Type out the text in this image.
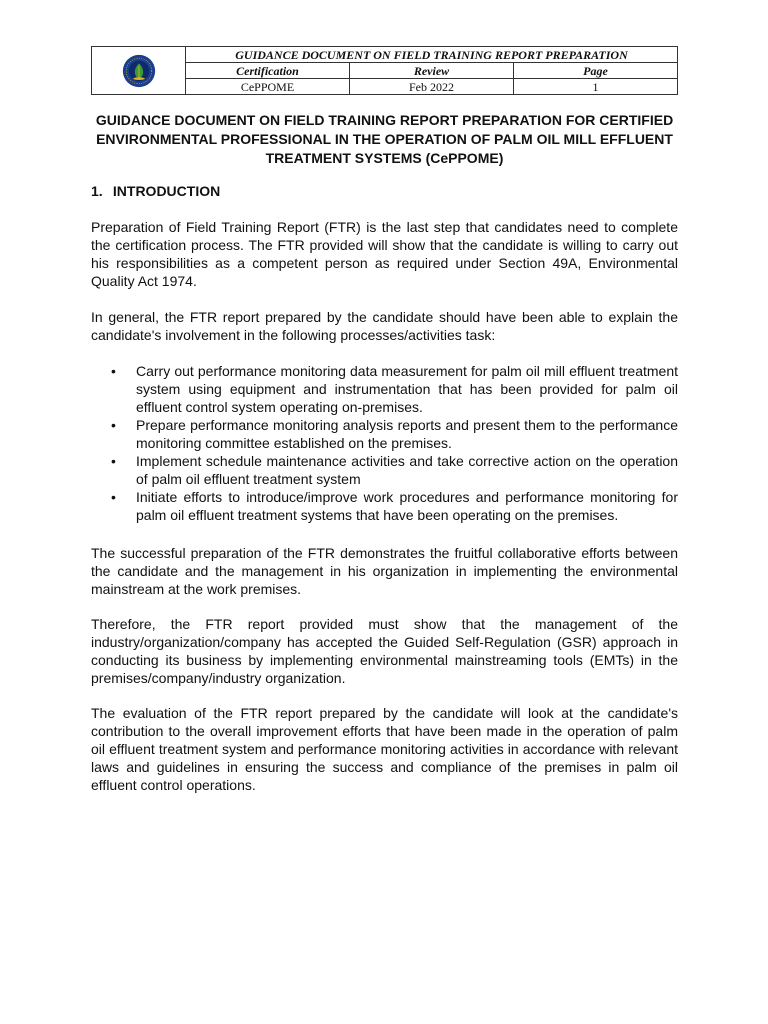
	GUIDANCE DOCUMENT ON FIELD TRAINING REPORT PREPARATION		
	Certification	Review	Page
	CePPOME	Feb 2022	1
GUIDANCE DOCUMENT ON FIELD TRAINING REPORT PREPARATION FOR CERTIFIED ENVIRONMENTAL PROFESSIONAL IN THE OPERATION OF PALM OIL MILL EFFLUENT TREATMENT SYSTEMS (CePPOME)
1. INTRODUCTION

Preparation of Field Training Report (FTR) is the last step that candidates need to complete the certification process. The FTR provided will show that the candidate is willing to carry out his responsibilities as a competent person as required under Section 49A, Environmental Quality Act 1974.

In general, the FTR report prepared by the candidate should have been able to explain the candidate's involvement in the following processes/activities task:

• Carry out performance monitoring data measurement for palm oil mill effluent treatment system using equipment and instrumentation that has been provided for palm oil effluent control system operating on-premises.
• Prepare performance monitoring analysis reports and present them to the performance monitoring committee established on the premises.
• Implement schedule maintenance activities and take corrective action on the operation of palm oil effluent treatment system
• Initiate efforts to introduce/improve work procedures and performance monitoring for palm oil effluent treatment systems that have been operating on the premises.

The successful preparation of the FTR demonstrates the fruitful collaborative efforts between the candidate and the management in his organization in implementing the environmental mainstream at the work premises.

Therefore, the FTR report provided must show that the management of the industry/organization/company has accepted the Guided Self-Regulation (GSR) approach in conducting its business by implementing environmental mainstreaming tools (EMTs) in the premises/company/industry organization.

The evaluation of the FTR report prepared by the candidate will look at the candidate's contribution to the overall improvement efforts that have been made in the operation of palm oil effluent treatment system and performance monitoring activities in accordance with relevant laws and guidelines in ensuring the success and compliance of the premises in palm oil effluent control operations.
